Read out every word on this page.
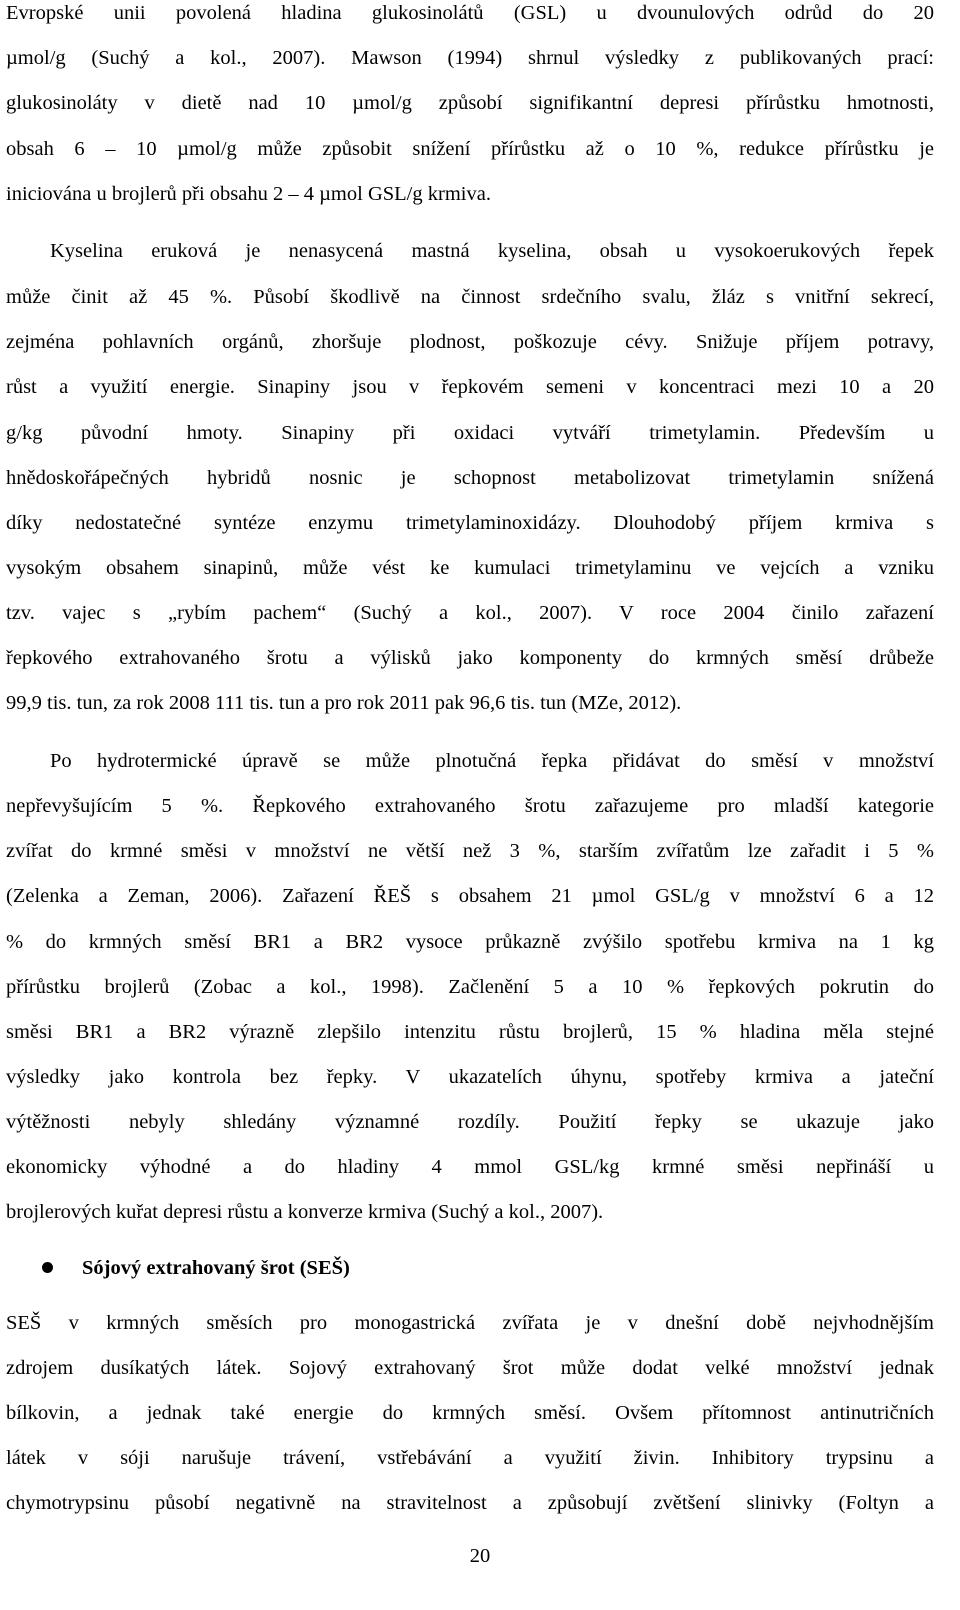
Evropské unii povolená hladina glukosinolátů (GSL) u dvounulových odrůd do 20
µmol/g (Suchý a kol., 2007). Mawson (1994) shrnul výsledky z publikovaných prací:
glukosinoláty v dietě nad 10 µmol/g způsobí signifikantní depresi přírůstku hmotnosti,
obsah 6 – 10 µmol/g může způsobit snížení přírůstku až o 10 %, redukce přírůstku je
iniciována u brojlerů při obsahu 2 – 4 µmol GSL/g krmiva.
Kyselina eruková je nenasycená mastná kyselina, obsah u vysokoerukových řepek
může činit až 45 %. Působí škodlivě na činnost srdečního svalu, žláz s vnitřní sekrecí,
zejména pohlavních orgánů, zhoršuje plodnost, poškozuje cévy. Snižuje příjem potravy,
růst a využití energie. Sinapiny jsou v řepkovém semeni v koncentraci mezi 10 a 20
g/kg původní hmoty. Sinapiny při oxidaci vytváří trimetylamin. Především u
hnědoskořápečných hybridů nosnic je schopnost metabolizovat trimetylamin snížená
díky nedostatečné syntéze enzymu trimetylaminoxidázy. Dlouhodobý příjem krmiva s
vysokým obsahem sinapinů, může vést ke kumulaci trimetylaminu ve vejcích a vzniku
tzv. vajec s „rybím pachem“ (Suchý a kol., 2007). V roce 2004 činilo zařazení
řepkového extrahovaného šrotu a výlisků jako komponenty do krmných směsí drůbeže
99,9 tis. tun, za rok 2008 111 tis. tun a pro rok 2011 pak 96,6 tis. tun (MZe, 2012).
Po hydrotermické úpravě se může plnotučná řepka přidávat do směsí v množství
nepřevyšujícím 5 %. Řepkového extrahovaného šrotu zařazujeme pro mladší kategorie
zvířat do krmné směsi v množství ne větší než 3 %, starším zvířatům lze zařadit i 5 %
(Zelenka a Zeman, 2006). Zařazení ŘEŠ s obsahem 21 µmol GSL/g v množství 6 a 12
% do krmných směsí BR1 a BR2 vysoce průkazně zvýšilo spotřebu krmiva na 1 kg
přírůstku brojlerů (Zobac a kol., 1998). Začlenění 5 a 10 % řepkových pokrutin do
směsi BR1 a BR2 výrazně zlepšilo intenzitu růstu brojlerů, 15 % hladina měla stejné
výsledky jako kontrola bez řepky. V ukazatelích úhynu, spotřeby krmiva a jateční
výtěžnosti nebyly shledány významné rozdíly. Použití řepky se ukazuje jako
ekonomicky výhodné a do hladiny 4 mmol GSL/kg krmné směsi nepřináší u
brojlerových kuřat depresi růstu a konverze krmiva (Suchý a kol., 2007).
Sójový extrahovaný šrot (SEŠ)
SEŠ v krmných směsích pro monogastrická zvířata je v dnešní době nejvhodnějším
zdrojem dusíkatých látek. Sojový extrahovaný šrot může dodat velké množství jednak
bílkovin, a jednak také energie do krmných směsí. Ovšem přítomnost antinutričních
látek v sóji narušuje trávení, vstřebávání a využití živin. Inhibitory trypsinu a
chymotrypsinu působí negativně na stravitelnost a způsobují zvětšení slinivky (Foltyn a
20
